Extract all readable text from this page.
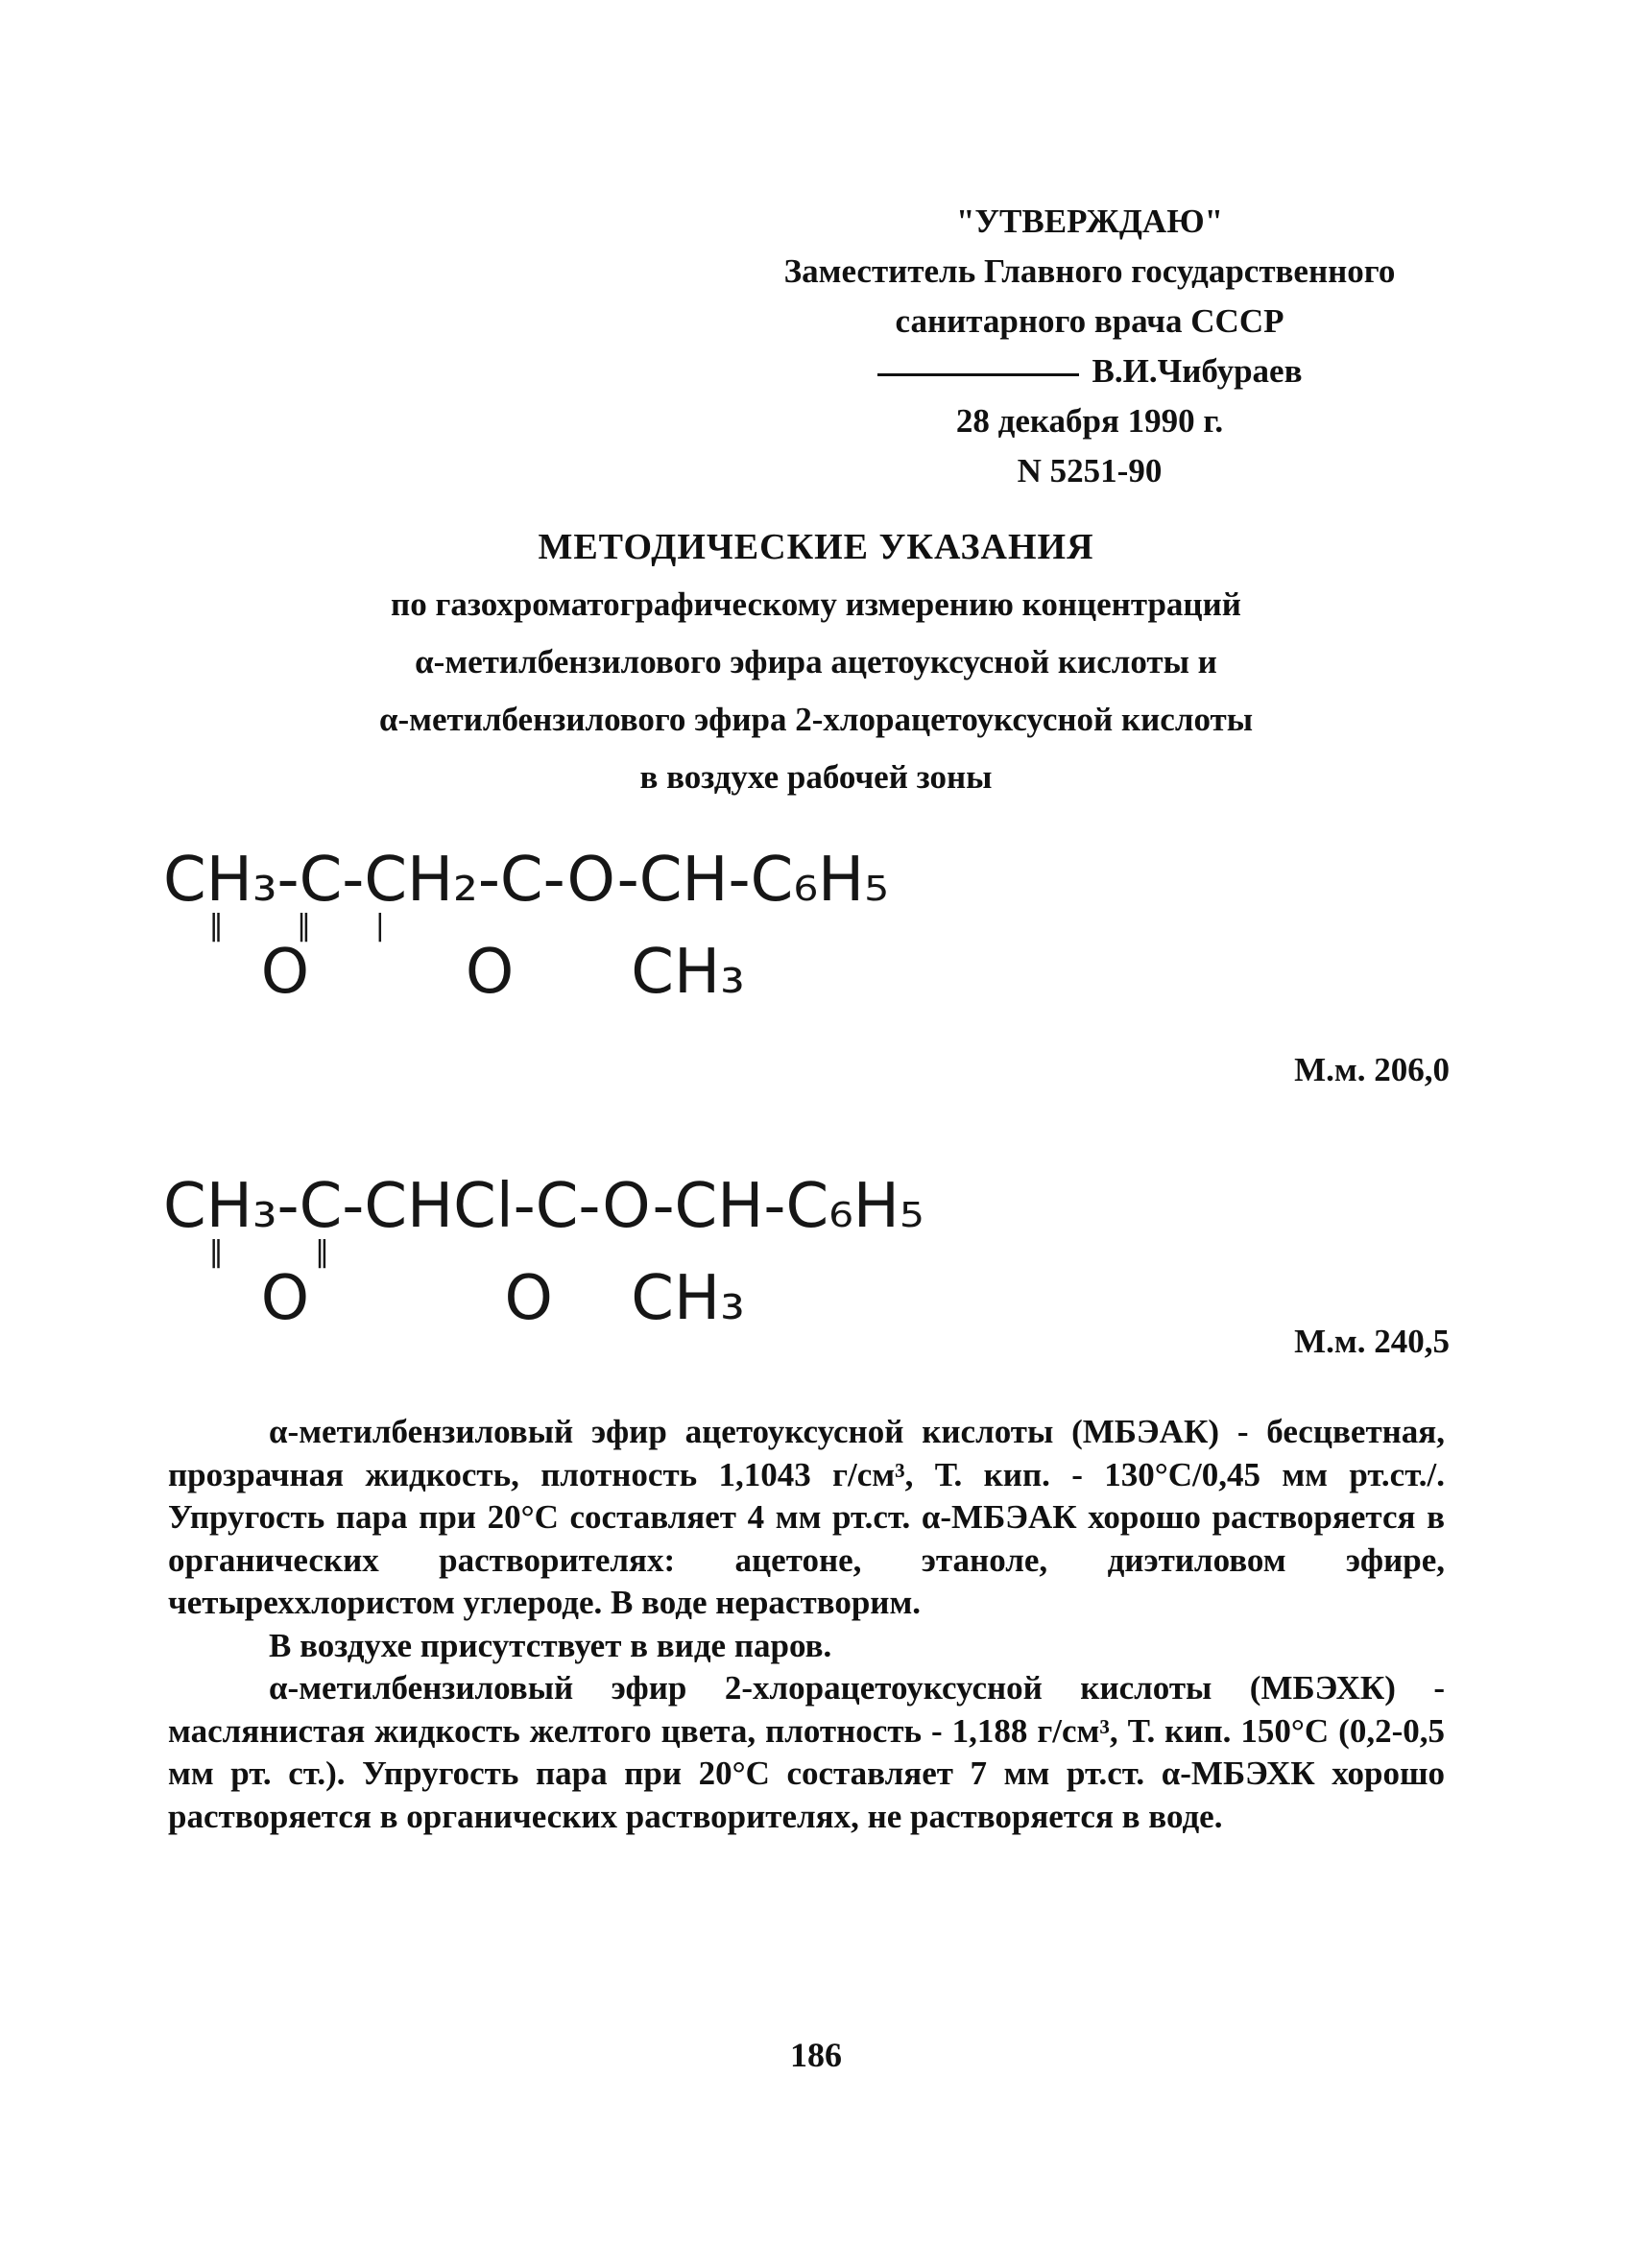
"УТВЕРЖДАЮ"
Заместитель Главного государственного
санитарного врача СССР
В.И.Чибураев
28 декабря 1990 г.
N 5251-90
МЕТОДИЧЕСКИЕ УКАЗАНИЯ
по газохроматографическому измерению концентраций
α-метилбензилового эфира ацетоуксусной кислоты и
α-метилбензилового эфира 2-хлорацетоуксусной кислоты
в воздухе рабочей зоны
CH₃-C-CH₂-C-O-CH-C₆H₅
‖        ‖       |
O        O      CH₃
М.м. 206,0
CH₃-C-CHCl-C-O-CH-C₆H₅
‖          ‖
O          O    CH₃
М.м. 240,5

α-метилбензиловый эфир ацетоуксусной кислоты (МБЭАК) - бесцветная, прозрачная жидкость, плотность 1,1043 г/см³, Т. кип. - 130°С/0,45 мм рт.ст./. Упругость пара при 20°С составляет 4 мм рт.ст. α-МБЭАК хорошо растворяется в органических растворителях: ацетоне, этаноле, диэтиловом эфире, четыреххлористом углероде. В воде нерастворим.

В воздухе присутствует в виде паров.

α-метилбензиловый эфир 2-хлорацетоуксусной кислоты (МБЭХК) - маслянистая жидкость желтого цвета, плотность - 1,188 г/см³, Т. кип. 150°С (0,2-0,5 мм рт. ст.). Упругость пара при 20°С составляет 7 мм рт.ст. α-МБЭХК хорошо растворяется в органических растворителях, не растворяется в воде.

186
